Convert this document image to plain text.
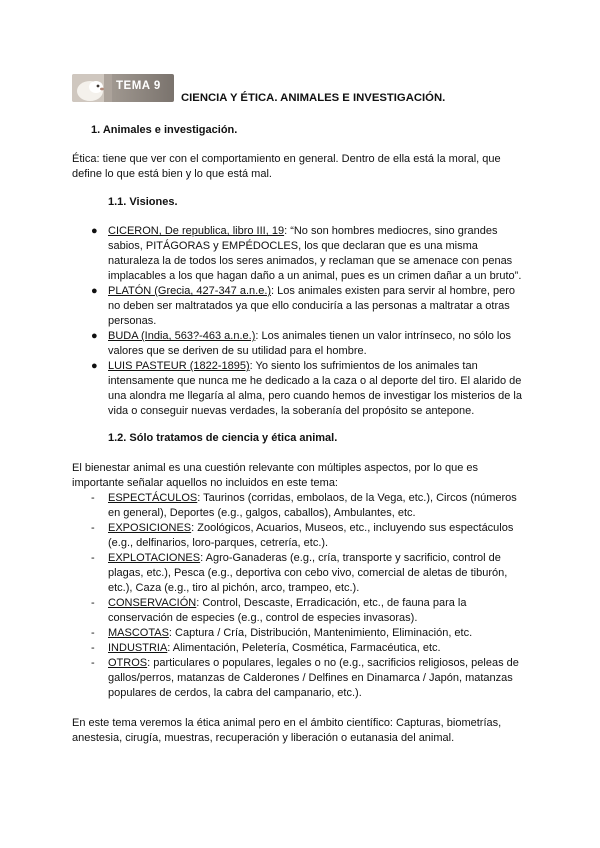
TEMA 9
CIENCIA Y ÉTICA. ANIMALES E INVESTIGACIÓN.
1. Animales e investigación.
Ética: tiene que ver con el comportamiento en general. Dentro de ella está la moral, que
define lo que está bien y lo que está mal.
1.1. Visiones.
● CICERON, De republica, libro III, 19: “No son hombres mediocres, sino grandes
sabios, PITÁGORAS y EMPÉDOCLES, los que declaran que es una misma
naturaleza la de todos los seres animados, y reclaman que se amenace con penas
implacables a los que hagan daño a un animal, pues es un crimen dañar a un bruto”.
● PLATÓN (Grecia, 427-347 a.n.e.): Los animales existen para servir al hombre, pero
no deben ser maltratados ya que ello conduciría a las personas a maltratar a otras
personas.
● BUDA (India, 563?-463 a.n.e.): Los animales tienen un valor intrínseco, no sólo los
valores que se deriven de su utilidad para el hombre.
● LUIS PASTEUR (1822-1895): Yo siento los sufrimientos de los animales tan
intensamente que nunca me he dedicado a la caza o al deporte del tiro. El alarido de
una alondra me llegaría al alma, pero cuando hemos de investigar los misterios de la
vida o conseguir nuevas verdades, la soberanía del propósito se antepone.
1.2. Sólo tratamos de ciencia y ética animal.
El bienestar animal es una cuestión relevante con múltiples aspectos, por lo que es
importante señalar aquellos no incluidos en este tema:
- ESPECTÁCULOS: Taurinos (corridas, embolaos, de la Vega, etc.), Circos (números
en general), Deportes (e.g., galgos, caballos), Ambulantes, etc.
- EXPOSICIONES: Zoológicos, Acuarios, Museos, etc., incluyendo sus espectáculos
(e.g., delfinarios, loro-parques, cetrería, etc.).
- EXPLOTACIONES: Agro-Ganaderas (e.g., cría, transporte y sacrificio, control de
plagas, etc.), Pesca (e.g., deportiva con cebo vivo, comercial de aletas de tiburón,
etc.), Caza (e.g., tiro al pichón, arco, trampeo, etc.).
- CONSERVACIÓN: Control, Descaste, Erradicación, etc., de fauna para la
conservación de especies (e.g., control de especies invasoras).
- MASCOTAS: Captura / Cría, Distribución, Mantenimiento, Eliminación, etc.
- INDUSTRIA: Alimentación, Peletería, Cosmética, Farmacéutica, etc.
- OTROS: particulares o populares, legales o no (e.g., sacrificios religiosos, peleas de
gallos/perros, matanzas de Calderones / Delfines en Dinamarca / Japón, matanzas
populares de cerdos, la cabra del campanario, etc.).
En este tema veremos la ética animal pero en el ámbito científico: Capturas, biometrías,
anestesia, cirugía, muestras, recuperación y liberación o eutanasia del animal.
